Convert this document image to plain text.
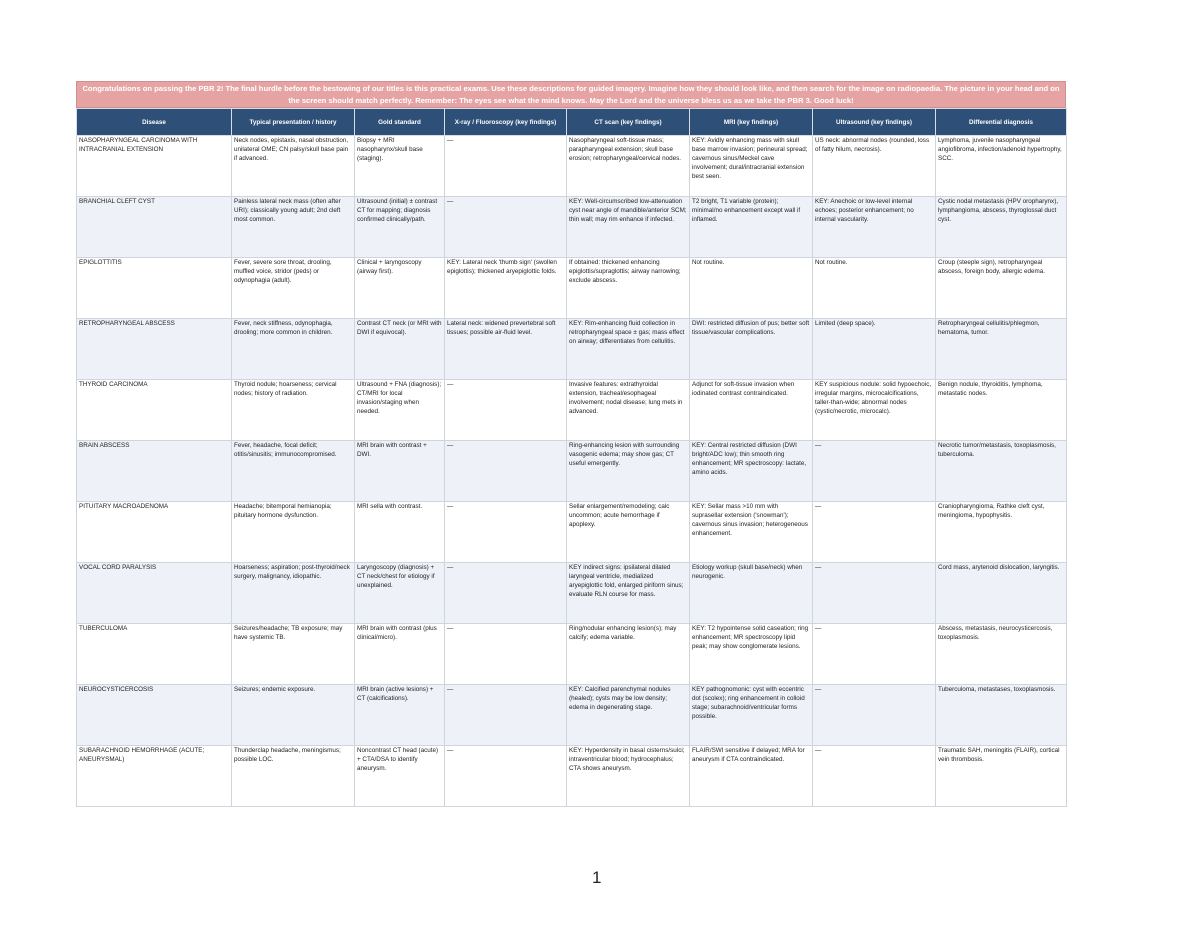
Congratulations on passing the PBR 2! The final hurdle before the bestowing of our titles is this practical exams. Use these descriptions for guided imagery. Imagine how they should look like, and then search for the image on radiopaedia. The picture in your head and on the screen should match perfectly. Remember: The eyes see what the mind knows. May the Lord and the universe bless us as we take the PBR 3. Good luck!
Disease	Typical presentation / history	Gold standard	X-ray / Fluoroscopy (key findings)	CT scan (key findings)	MRI (key findings)	Ultrasound (key findings)	Differential diagnosis
NASOPHARYNGEAL CARCINOMA WITH INTRACRANIAL EXTENSION	Neck nodes, epistaxis, nasal obstruction, unilateral OME; CN palsy/skull base pain if advanced.	Biopsy + MRI nasopharynx/skull base (staging).	—	Nasopharyngeal soft-tissue mass; parapharyngeal extension; skull base erosion; retropharyngeal/cervical nodes.	KEY: Avidly enhancing mass with skull base marrow invasion; perineural spread; cavernous sinus/Meckel cave involvement; dural/intracranial extension best seen.	US neck: abnormal nodes (rounded, loss of fatty hilum, necrosis).	Lymphoma, juvenile nasopharyngeal angiofibroma, infection/adenoid hypertrophy, SCC.
BRANCHIAL CLEFT CYST	Painless lateral neck mass (often after URI); classically young adult; 2nd cleft most common.	Ultrasound (initial) ± contrast CT for mapping; diagnosis confirmed clinically/path.	—	KEY: Well-circumscribed low-attenuation cyst near angle of mandible/anterior SCM; thin wall; may rim enhance if infected.	T2 bright, T1 variable (protein); minimal/no enhancement except wall if inflamed.	KEY: Anechoic or low-level internal echoes; posterior enhancement; no internal vascularity.	Cystic nodal metastasis (HPV oropharynx), lymphangioma, abscess, thyroglossal duct cyst.
EPIGLOTTITIS	Fever, severe sore throat, drooling, muffled voice, stridor (peds) or odynophagia (adult).	Clinical + laryngoscopy (airway first).	KEY: Lateral neck 'thumb sign' (swollen epiglottis); thickened aryepiglottic folds.	If obtained: thickened enhancing epiglottis/supraglottis; airway narrowing; exclude abscess.	Not routine.	Not routine.	Croup (steeple sign), retropharyngeal abscess, foreign body, allergic edema.
RETROPHARYNGEAL ABSCESS	Fever, neck stiffness, odynophagia, drooling; more common in children.	Contrast CT neck (or MRI with DWI if equivocal).	Lateral neck: widened prevertebral soft tissues; possible air-fluid level.	KEY: Rim-enhancing fluid collection in retropharyngeal space ± gas; mass effect on airway; differentiates from cellulitis.	DWI: restricted diffusion of pus; better soft tissue/vascular complications.	Limited (deep space).	Retropharyngeal cellulitis/phlegmon, hematoma, tumor.
THYROID CARCINOMA	Thyroid nodule; hoarseness; cervical nodes; history of radiation.	Ultrasound + FNA (diagnosis); CT/MRI for local invasion/staging when needed.	—	Invasive features: extrathyroidal extension, tracheal/esophageal involvement; nodal disease; lung mets in advanced.	Adjunct for soft-tissue invasion when iodinated contrast contraindicated.	KEY suspicious nodule: solid hypoechoic, irregular margins, microcalcifications, taller-than-wide; abnormal nodes (cystic/necrotic, microcalc).	Benign nodule, thyroiditis, lymphoma, metastatic nodes.
BRAIN ABSCESS	Fever, headache, focal deficit; otitis/sinusitis; immunocompromised.	MRI brain with contrast + DWI.	—	Ring-enhancing lesion with surrounding vasogenic edema; may show gas; CT useful emergently.	KEY: Central restricted diffusion (DWI bright/ADC low); thin smooth ring enhancement; MR spectroscopy: lactate, amino acids.	—	Necrotic tumor/metastasis, toxoplasmosis, tuberculoma.
PITUITARY MACROADENOMA	Headache; bitemporal hemianopia; pituitary hormone dysfunction.	MRI sella with contrast.	—	Sellar enlargement/remodeling; calc uncommon; acute hemorrhage if apoplexy.	KEY: Sellar mass >10 mm with suprasellar extension ('snowman'); cavernous sinus invasion; heterogeneous enhancement.	—	Craniopharyngioma, Rathke cleft cyst, meningioma, hypophysitis.
VOCAL CORD PARALYSIS	Hoarseness; aspiration; post-thyroid/neck surgery, malignancy, idiopathic.	Laryngoscopy (diagnosis) + CT neck/chest for etiology if unexplained.	—	KEY indirect signs: ipsilateral dilated laryngeal ventricle, medialized aryepiglottic fold, enlarged piriform sinus; evaluate RLN course for mass.	Etiology workup (skull base/neck) when neurogenic.	—	Cord mass, arytenoid dislocation, laryngitis.
TUBERCULOMA	Seizures/headache; TB exposure; may have systemic TB.	MRI brain with contrast (plus clinical/micro).	—	Ring/nodular enhancing lesion(s); may calcify; edema variable.	KEY: T2 hypointense solid caseation; ring enhancement; MR spectroscopy lipid peak; may show conglomerate lesions.	—	Abscess, metastasis, neurocysticercosis, toxoplasmosis.
NEUROCYSTICERCOSIS	Seizures; endemic exposure.	MRI brain (active lesions) + CT (calcifications).	—	KEY: Calcified parenchymal nodules (healed); cysts may be low density; edema in degenerating stage.	KEY pathognomonic: cyst with eccentric dot (scolex); ring enhancement in colloid stage; subarachnoid/ventricular forms possible.	—	Tuberculoma, metastases, toxoplasmosis.
SUBARACHNOID HEMORRHAGE (ACUTE; ANEURYSMAL)	Thunderclap headache, meningismus; possible LOC.	Noncontrast CT head (acute) + CTA/DSA to identify aneurysm.	—	KEY: Hyperdensity in basal cisterns/sulci; intraventricular blood; hydrocephalus; CTA shows aneurysm.	FLAIR/SWI sensitive if delayed; MRA for aneurysm if CTA contraindicated.	—	Traumatic SAH, meningitis (FLAIR), cortical vein thrombosis.
1
